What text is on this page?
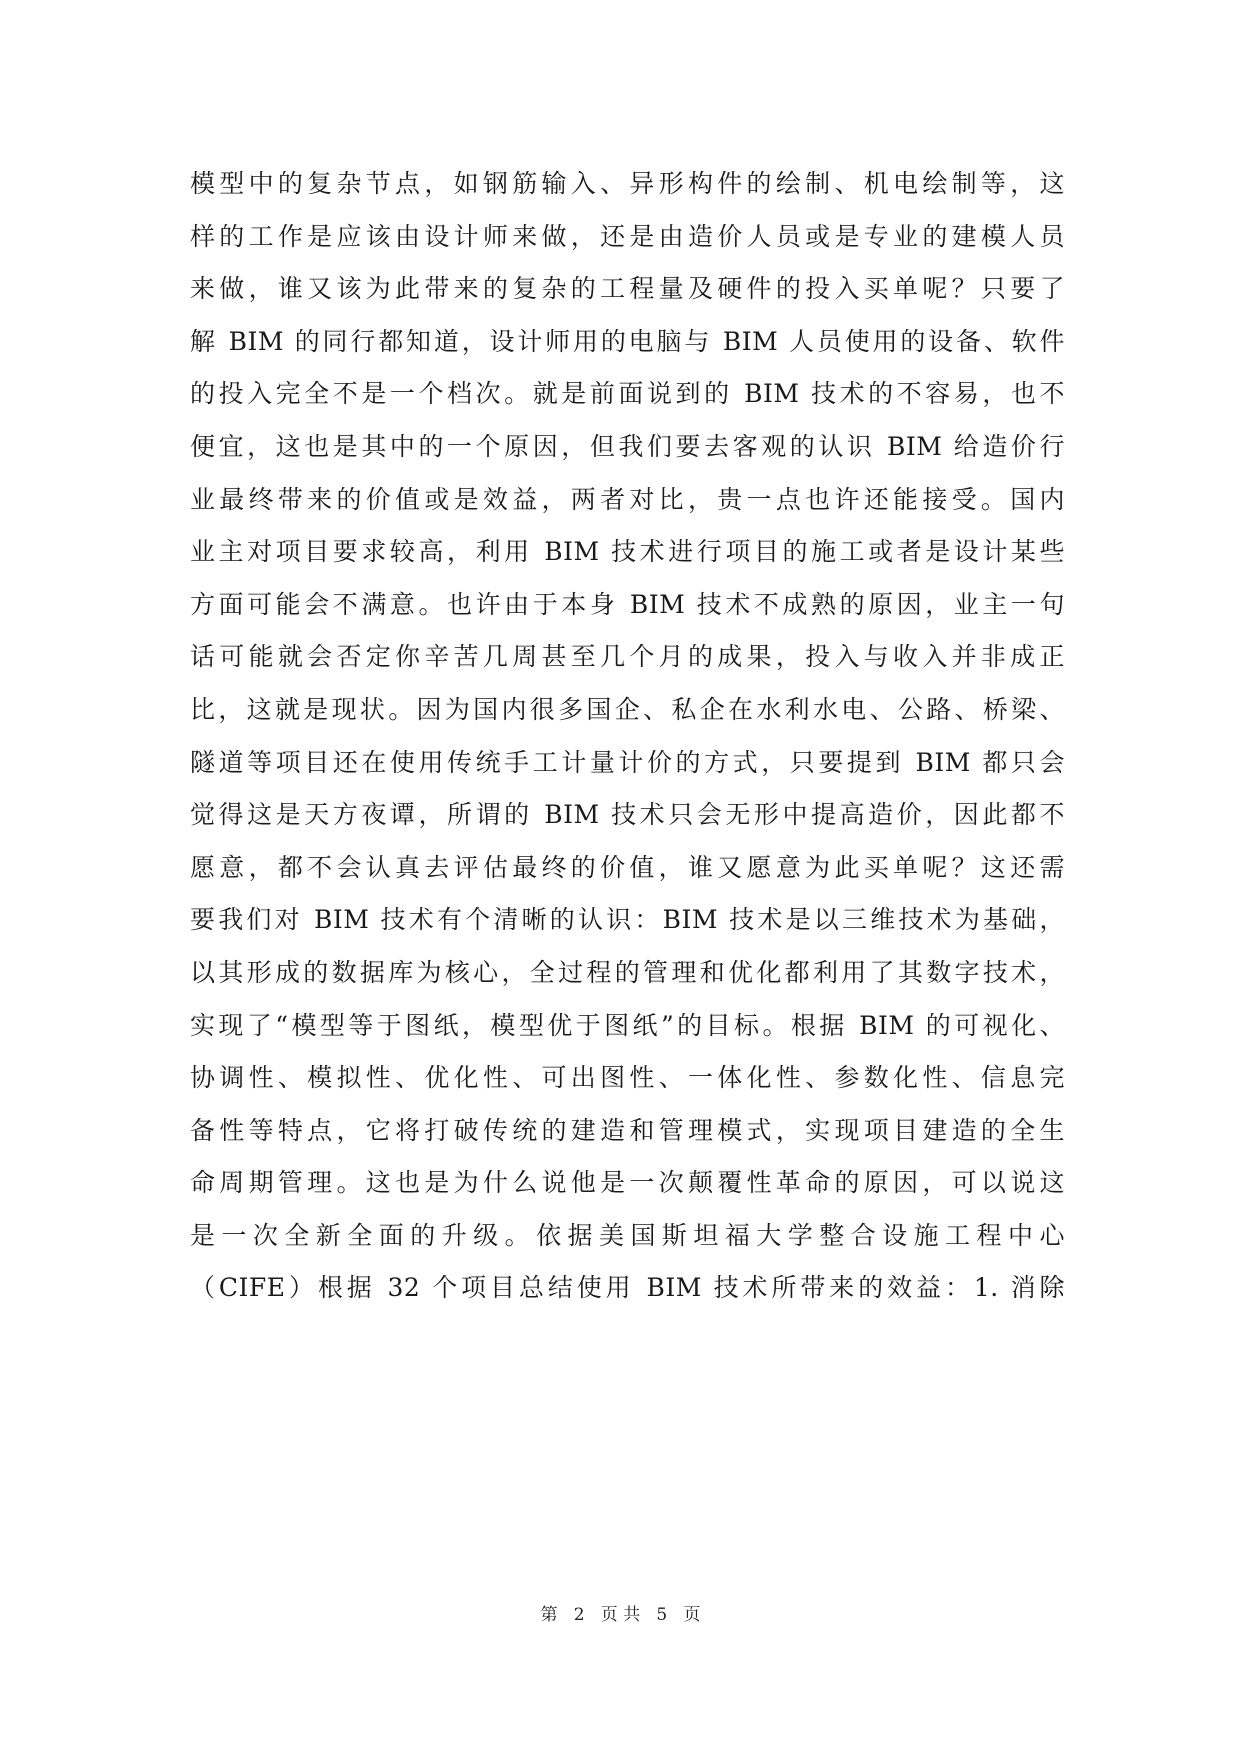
模型中的复杂节点，如钢筋输入、异形构件的绘制、机电绘制等，这
样的工作是应该由设计师来做，还是由造价人员或是专业的建模人员
来做，谁又该为此带来的复杂的工程量及硬件的投入买单呢？只要了
解 BIM 的同行都知道，设计师用的电脑与 BIM 人员使用的设备、软件
的投入完全不是一个档次。就是前面说到的 BIM 技术的不容易，也不
便宜，这也是其中的一个原因，但我们要去客观的认识 BIM 给造价行
业最终带来的价值或是效益，两者对比，贵一点也许还能接受。国内
业主对项目要求较高，利用 BIM 技术进行项目的施工或者是设计某些
方面可能会不满意。也许由于本身 BIM 技术不成熟的原因，业主一句
话可能就会否定你辛苦几周甚至几个月的成果，投入与收入并非成正
比，这就是现状。因为国内很多国企、私企在水利水电、公路、桥梁、
隧道等项目还在使用传统手工计量计价的方式，只要提到 BIM 都只会
觉得这是天方夜谭，所谓的 BIM 技术只会无形中提高造价，因此都不
愿意，都不会认真去评估最终的价值，谁又愿意为此买单呢？这还需
要我们对 BIM 技术有个清晰的认识：BIM 技术是以三维技术为基础，
以其形成的数据库为核心，全过程的管理和优化都利用了其数字技术，
实现了“模型等于图纸，模型优于图纸”的目标。根据 BIM 的可视化、
协调性、模拟性、优化性、可出图性、一体化性、参数化性、信息完
备性等特点，它将打破传统的建造和管理模式，实现项目建造的全生
命周期管理。这也是为什么说他是一次颠覆性革命的原因，可以说这
是一次全新全面的升级。依据美国斯坦福大学整合设施工程中心
（CIFE）根据 32 个项目总结使用 BIM 技术所带来的效益：1. 消除
第 2 页 共 5 页
